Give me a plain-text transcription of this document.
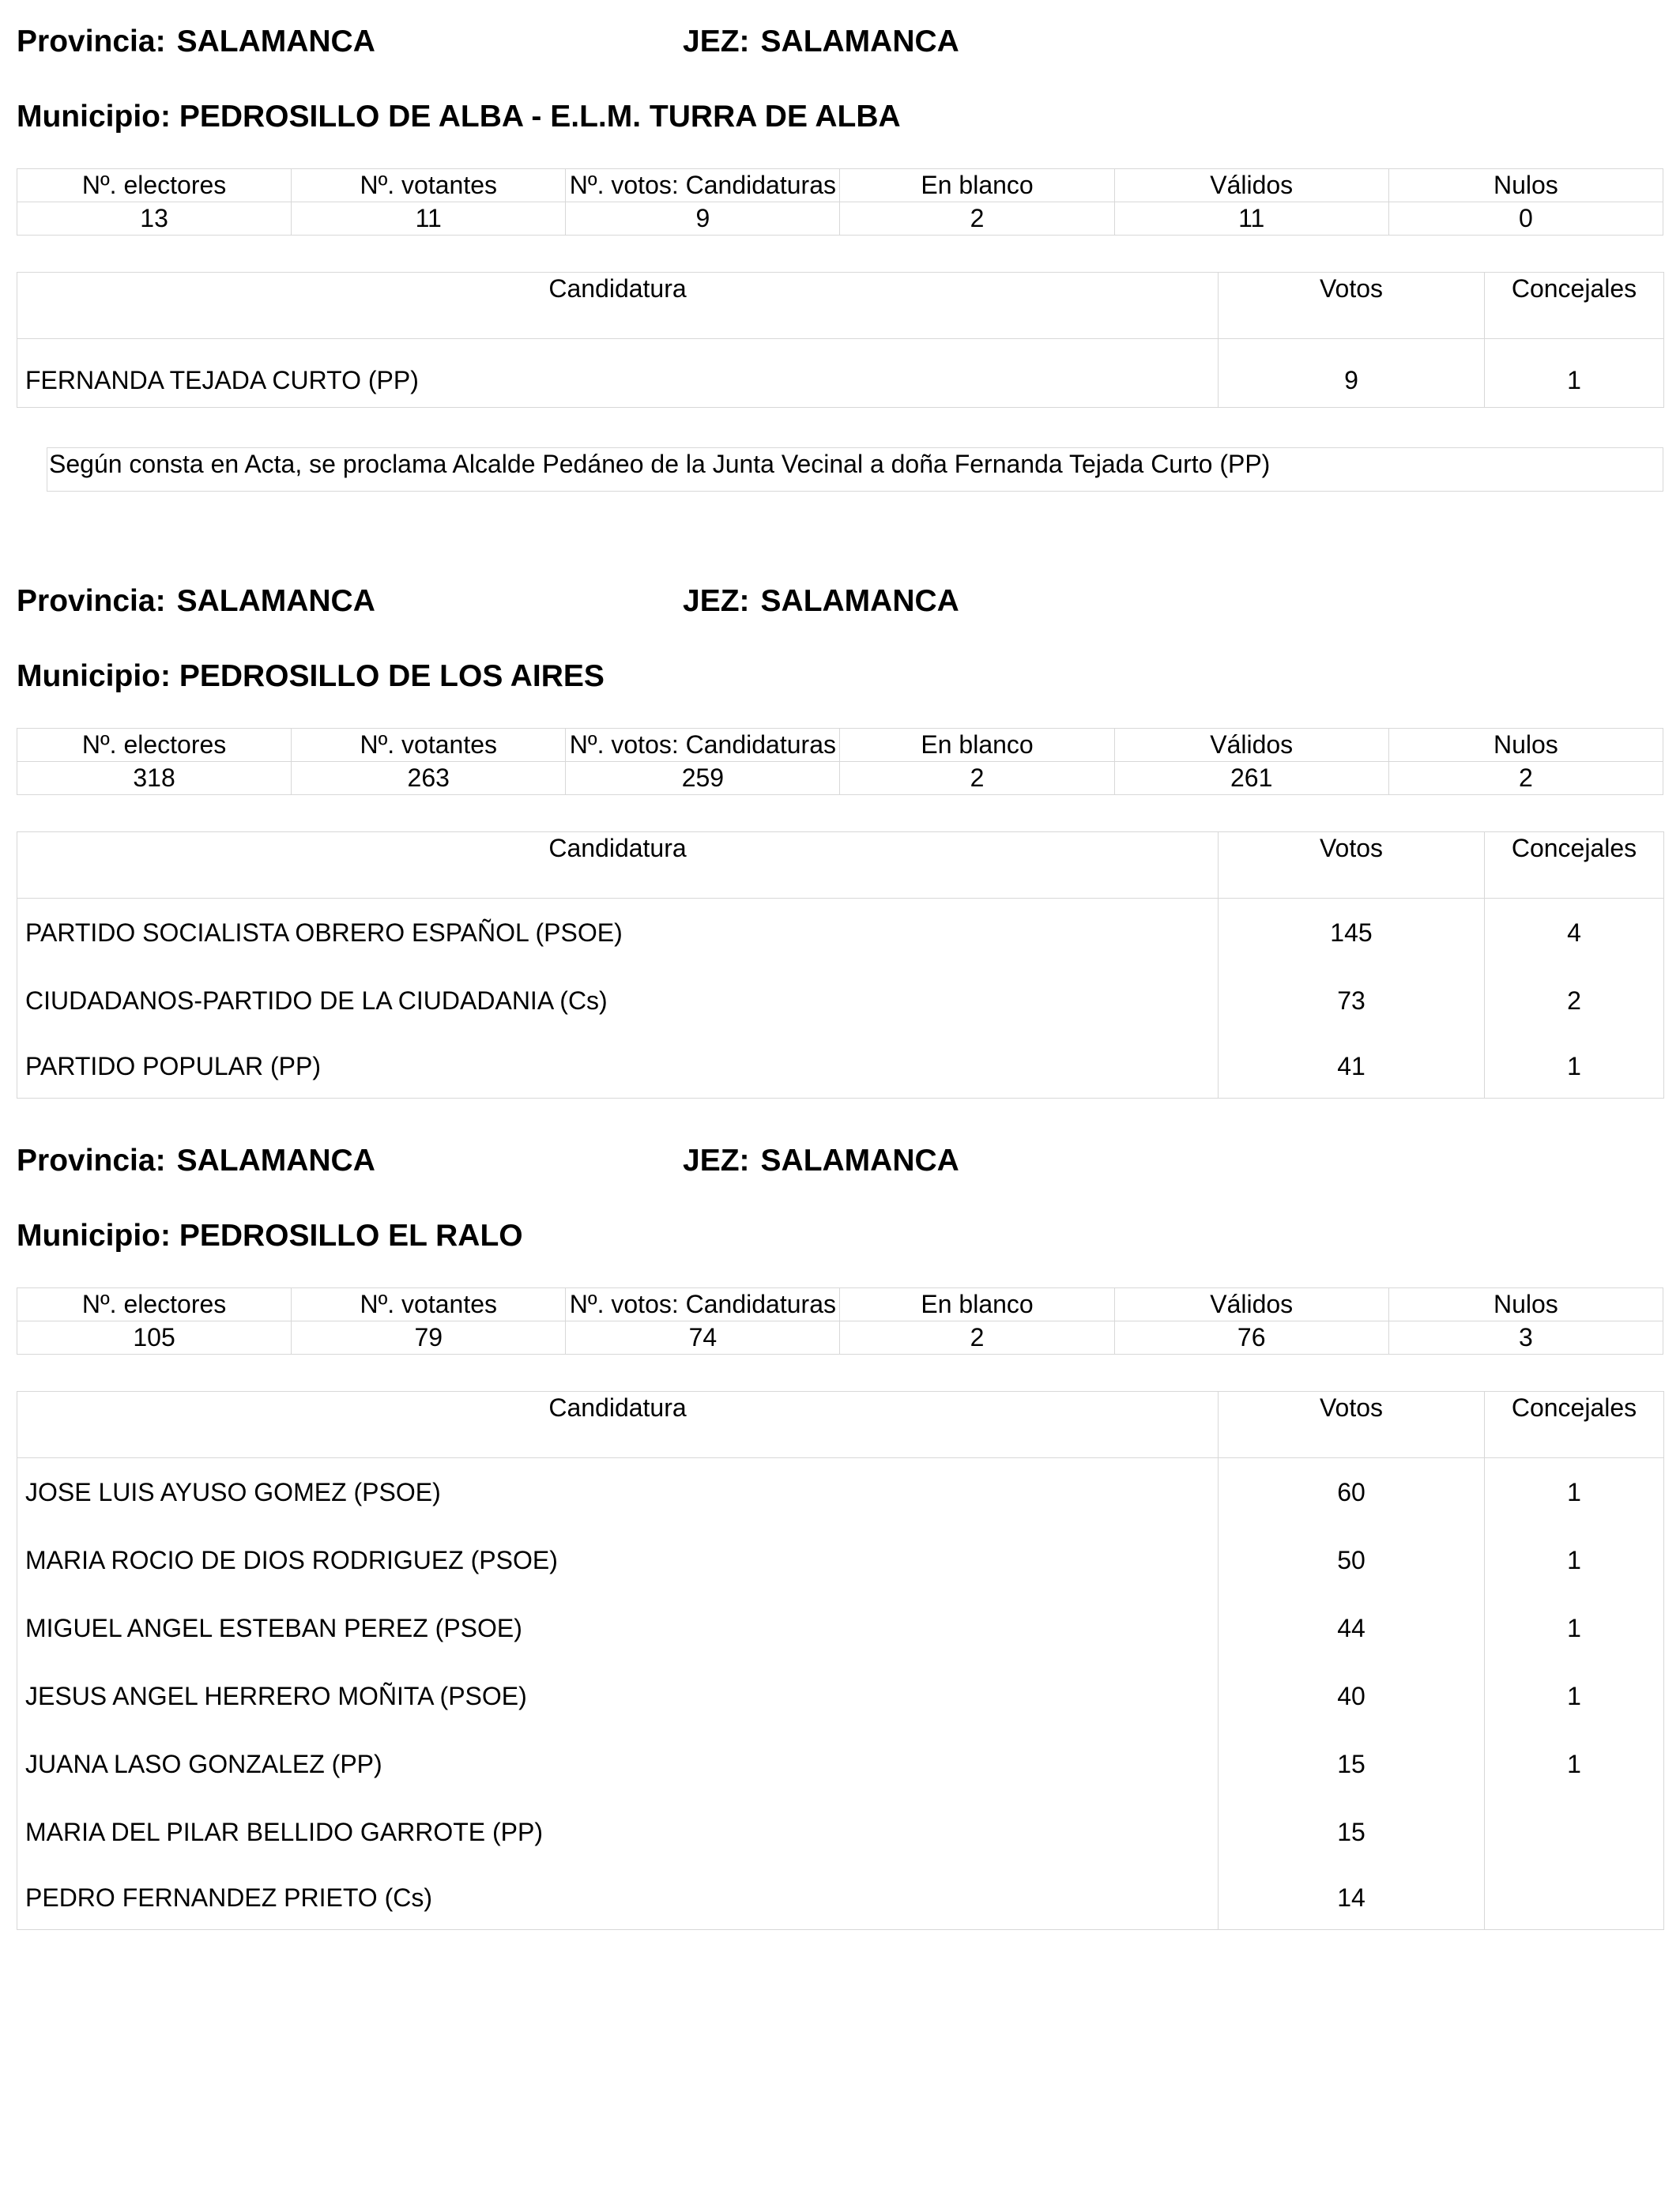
Provincia: SALAMANCA	JEZ: SALAMANCA
Municipio: PEDROSILLO DE ALBA - E.L.M. TURRA DE ALBA
Nº. electores	Nº. votantes	Nº. votos: Candidaturas	En blanco	Válidos	Nulos
13	11	9	2	11	0
Candidatura	Votos	Concejales
FERNANDA TEJADA CURTO (PP)	9	1
Según consta en Acta, se proclama Alcalde Pedáneo de la Junta Vecinal a doña Fernanda Tejada Curto (PP)
Provincia: SALAMANCA	JEZ: SALAMANCA
Municipio: PEDROSILLO DE LOS AIRES
Nº. electores	Nº. votantes	Nº. votos: Candidaturas	En blanco	Válidos	Nulos
318	263	259	2	261	2
Candidatura	Votos	Concejales
PARTIDO SOCIALISTA OBRERO ESPAÑOL (PSOE)	145	4
CIUDADANOS-PARTIDO DE LA CIUDADANIA (Cs)	73	2
PARTIDO POPULAR (PP)	41	1
Provincia: SALAMANCA	JEZ: SALAMANCA
Municipio: PEDROSILLO EL RALO
Nº. electores	Nº. votantes	Nº. votos: Candidaturas	En blanco	Válidos	Nulos
105	79	74	2	76	3
Candidatura	Votos	Concejales
JOSE LUIS AYUSO GOMEZ (PSOE)	60	1
MARIA ROCIO DE DIOS RODRIGUEZ (PSOE)	50	1
MIGUEL ANGEL ESTEBAN PEREZ (PSOE)	44	1
JESUS ANGEL HERRERO MOÑITA (PSOE)	40	1
JUANA LASO GONZALEZ (PP)	15	1
MARIA DEL PILAR BELLIDO GARROTE (PP)	15	
PEDRO FERNANDEZ PRIETO (Cs)	14	
